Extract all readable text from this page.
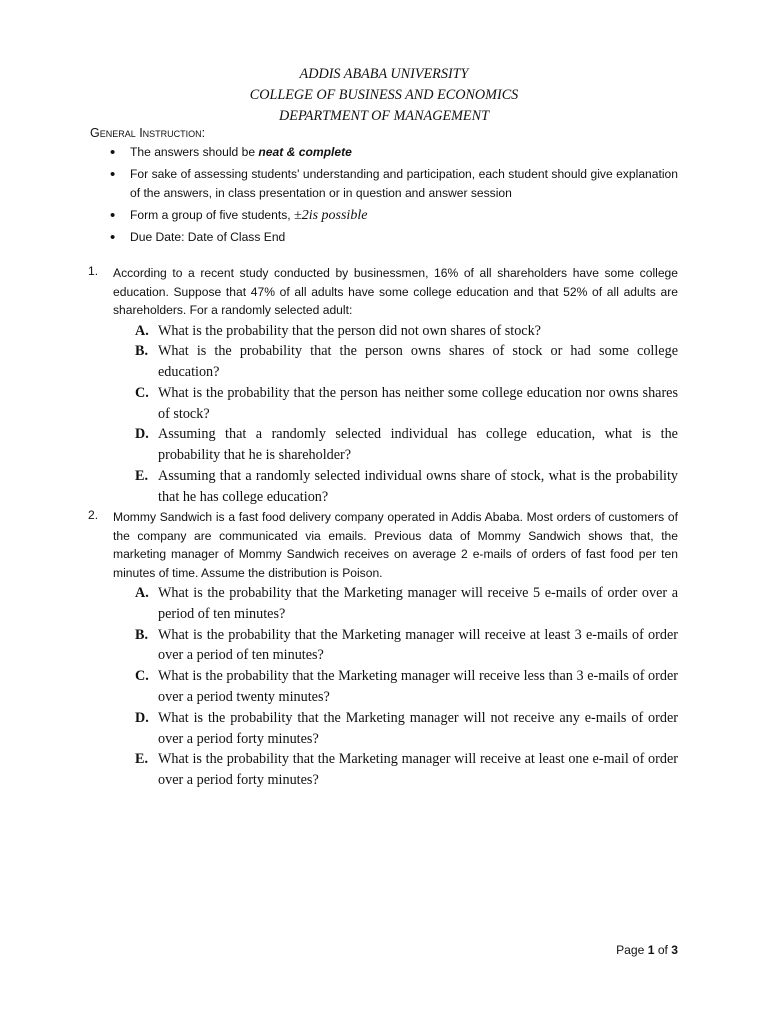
ADDIS ABABA UNIVERSITY
COLLEGE OF BUSINESS AND ECONOMICS
DEPARTMENT OF MANAGEMENT
General Instruction:
• The answers should be neat & complete
• For sake of assessing students' understanding and participation, each student should give explanation of the answers, in class presentation or in question and answer session
• Form a group of five students, ±2is possible
• Due Date: Date of Class End
1. According to a recent study conducted by businessmen, 16% of all shareholders have some college education. Suppose that 47% of all adults have some college education and that 52% of all adults are shareholders. For a randomly selected adult:
A. What is the probability that the person did not own shares of stock?
B. What is the probability that the person owns shares of stock or had some college education?
C. What is the probability that the person has neither some college education nor owns shares of stock?
D. Assuming that a randomly selected individual has college education, what is the probability that he is shareholder?
E. Assuming that a randomly selected individual owns share of stock, what is the probability that he has college education?
2. Mommy Sandwich is a fast food delivery company operated in Addis Ababa. Most orders of customers of the company are communicated via emails. Previous data of Mommy Sandwich shows that, the marketing manager of Mommy Sandwich receives on average 2 e-mails of orders of fast food per ten minutes of time. Assume the distribution is Poison.
A. What is the probability that the Marketing manager will receive 5 e-mails of order over a period of ten minutes?
B. What is the probability that the Marketing manager will receive at least 3 e-mails of order over a period of ten minutes?
C. What is the probability that the Marketing manager will receive less than 3 e-mails of order over a period twenty minutes?
D. What is the probability that the Marketing manager will not receive any e-mails of order over a period forty minutes?
E. What is the probability that the Marketing manager will receive at least one e-mail of order over a period forty minutes?
Page 1 of 3
